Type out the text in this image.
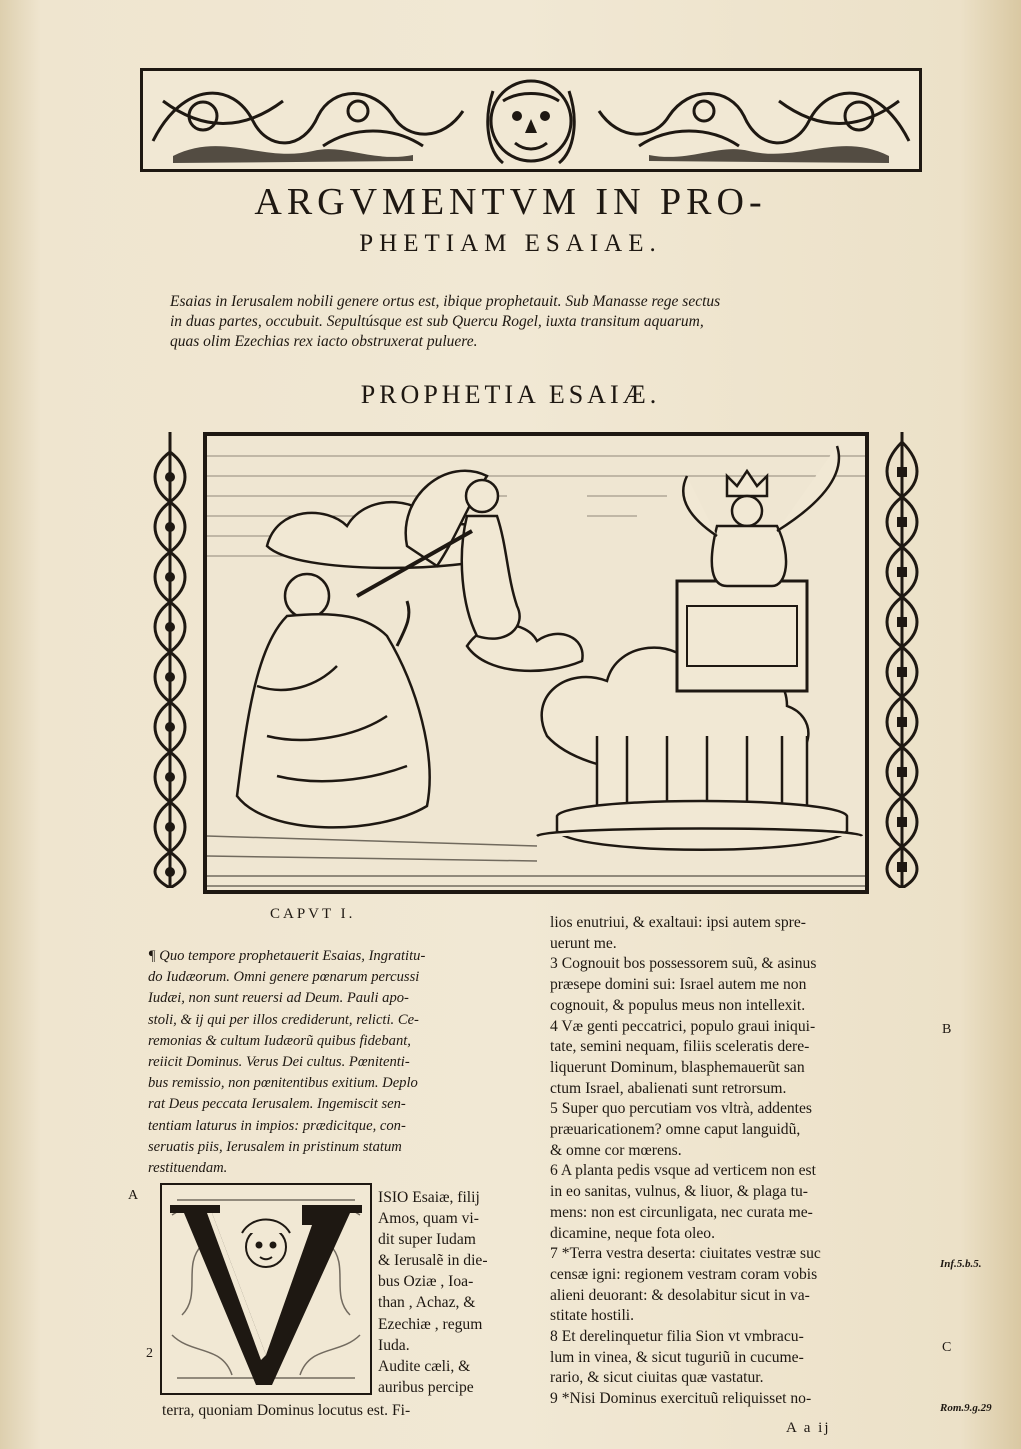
ARGVMENTVM IN PRO-
PHETIAM ESAIAE.

Esaias in Ierusalem nobili genere ortus est, ibique prophetauit. Sub Manasse rege sectus

in duas partes, occubuit. Sepultúsque est sub Quercu Rogel, iuxta transitum aquarum,

quas olim Ezechias rex iacto obstruxerat puluere.

PROPHETIA ESAIÆ.
CAPVT I.

¶ Quo tempore prophetauerit Esaias, Ingratitu-

do Iudæorum. Omni genere pœnarum percussi

Iudæi, non sunt reuersi ad Deum. Pauli apo-

stoli, & ij qui per illos crediderunt, relicti. Ce-

remonias & cultum Iudæorũ quibus fidebant,

reiicit Dominus. Verus Dei cultus. Pœnitenti-

bus remissio, non pœnitentibus exitium. Deplo

rat Deus peccata Ierusalem. Ingemiscit sen-

tentiam laturus in impios: prædicitque, con-

seruatis piis, Ierusalem in pristinum statum

restituendam.

ISIO Esaiæ, filij

Amos, quam vi-

dit super Iudam

& Ierusalẽ in die-

bus Oziæ , Ioa-

than , Achaz, &

Ezechiæ , regum

Iuda.

Audite cæli, &

auribus percipe

terra, quoniam Dominus locutus est. Fi-

lios enutriui, & exaltaui: ipsi autem spre-

uerunt me.

3 Cognouit bos possessorem suũ, & asinus

præsepe domini sui: Israel autem me non

cognouit, & populus meus non intellexit.

4 Væ genti peccatrici, populo graui iniqui-

tate, semini nequam, filiis sceleratis dere-

liquerunt Dominum, blasphemauerũt san

ctum Israel, abalienati sunt retrorsum.

5 Super quo percutiam vos vltrà, addentes

præuaricationem? omne caput languidũ,

& omne cor mœrens.

6 A planta pedis vsque ad verticem non est

in eo sanitas, vulnus, & liuor, & plaga tu-

mens: non est circunligata, nec curata me-

dicamine, neque fota oleo.

7 *Terra vestra deserta: ciuitates vestræ suc

censæ igni: regionem vestram coram vobis

alieni deuorant: & desolabitur sicut in va-

stitate hostili.

8 Et derelinquetur filia Sion vt vmbracu-

lum in vinea, & sicut tuguriũ in cucume-

rario, & sicut ciuitas quæ vastatur.

9 *Nisi Dominus exercituũ reliquisset no-

A
2
B
C
Inf.5.b.5.
Rom.9.g.29
A a ij
